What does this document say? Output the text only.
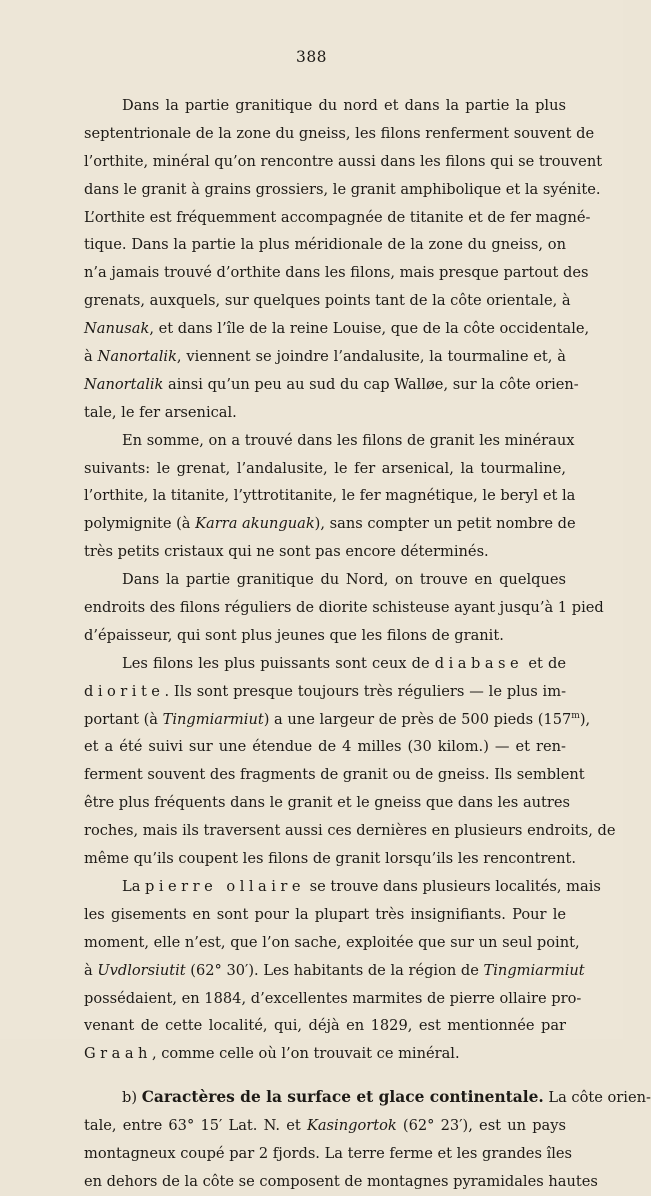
388
Dans la partie granitique du nord et dans la partie la plus
septentrionale de la zone du gneiss, les filons renferment souvent de
l’orthite, minéral qu’on rencontre aussi dans les filons qui se trouvent
dans le granit à grains grossiers, le granit amphibolique et la syénite.
L’orthite est fréquemment accompagnée de titanite et de fer magné-
tique. Dans la partie la plus méridionale de la zone du gneiss, on
n’a jamais trouvé d’orthite dans les filons, mais presque partout des
grenats, auxquels, sur quelques points tant de la côte orientale, à
Nanusak, et dans l’île de la reine Louise, que de la côte occidentale,
à Nanortalik, viennent se joindre l’andalusite, la tourmaline et, à
Nanortalik ainsi qu’un peu au sud du cap Walløe, sur la côte orien-
tale, le fer arsenical.
En somme, on a trouvé dans les filons de granit les minéraux
suivants: le grenat, l’andalusite, le fer arsenical, la tourmaline,
l’orthite, la titanite, l’yttrotitanite, le fer magnétique, le beryl et la
polymignite (à Karra akunguak), sans compter un petit nombre de
très petits cristaux qui ne sont pas encore déterminés.
Dans la partie granitique du Nord, on trouve en quelques
endroits des filons réguliers de diorite schisteuse ayant jusqu’à 1 pied
d’épaisseur, qui sont plus jeunes que les filons de granit.
Les filons les plus puissants sont ceux de diabase et de
diorite. Ils sont presque toujours très réguliers — le plus im-
portant (à Tingmiarmiut) a une largeur de près de 500 pieds (157$^m$),
et a été suivi sur une étendue de 4 milles (30 kilom.) — et ren-
ferment souvent des fragments de granit ou de gneiss. Ils semblent
être plus fréquents dans le granit et le gneiss que dans les autres
roches, mais ils traversent aussi ces dernières en plusieurs endroits, de
même qu’ils coupent les filons de granit lorsqu’ils les rencontrent.
La pierre ollaire se trouve dans plusieurs localités, mais
les gisements en sont pour la plupart très insignifiants. Pour le
moment, elle n’est, que l’on sache, exploitée que sur un seul point,
à Uvdlorsiutit (62° 30′). Les habitants de la région de Tingmiarmiut
possédaient, en 1884, d’excellentes marmites de pierre ollaire pro-
venant de cette localité, qui, déjà en 1829, est mentionnée par
Graah, comme celle où l’on trouvait ce minéral.
b) Caractères de la surface et glace continentale. La côte orien-
tale, entre 63° 15′ Lat. N. et Kasingortok (62° 23′), est un pays
montagneux coupé par 2 fjords. La terre ferme et les grandes îles
en dehors de la côte se composent de montagnes pyramidales hautes
